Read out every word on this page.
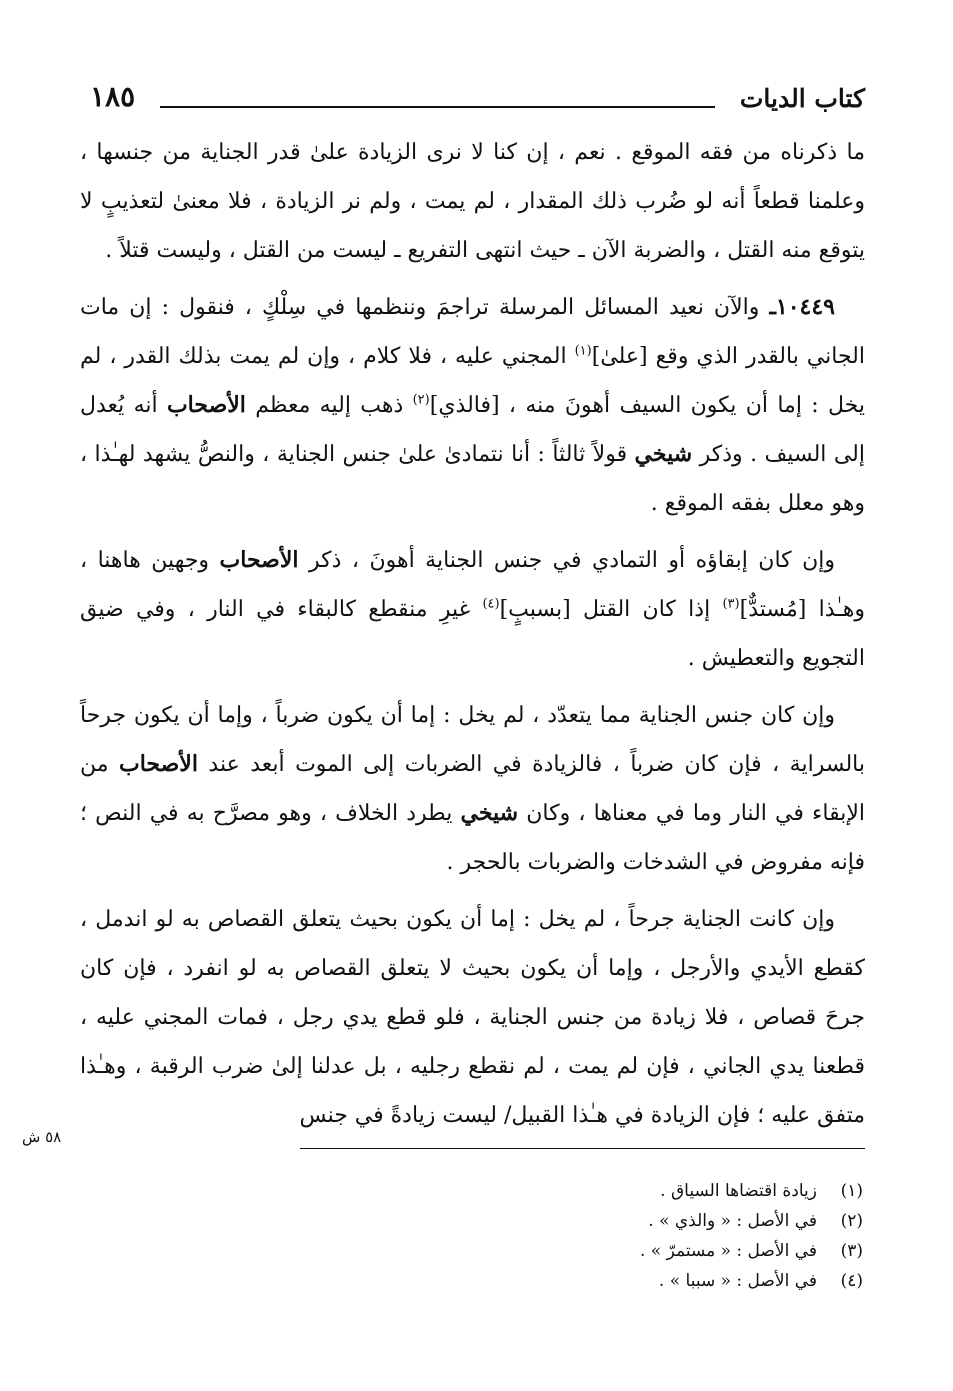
كتاب الديات
١٨٥

ما ذكرناه من فقه الموقع . نعم ، إن كنا لا نرى الزيادة علىٰ قدر الجناية من جنسها ، وعلمنا قطعاً أنه لو ضُرب ذلك المقدار ، لم يمت ، ولم نر الزيادة ، فلا معنىٰ لتعذيبٍ لا يتوقع منه القتل ، والضربة الآن ـ حيث انتهى التفريع ـ ليست من القتل ، وليست قتلاً .

١٠٤٤٩ـ والآن نعيد المسائل المرسلة تراجمَ وننظمها في سِلْكٍ ، فنقول : إن مات الجاني بالقدر الذي وقع [علىٰ]$^{(١)}$ المجني عليه ، فلا كلام ، وإن لم يمت بذلك القدر ، لم يخل : إما أن يكون السيف أهونَ منه ، [فالذي]$^{(٢)}$ ذهب إليه معظم الأصحاب أنه يُعدل إلى السيف . وذكر شيخي قولاً ثالثاً : أنا نتمادىٰ علىٰ جنس الجناية ، والنصُّ يشهد لهـٰذا ، وهو معلل بفقه الموقع .

وإن كان إبقاؤه أو التمادي في جنس الجناية أهونَ ، ذكر الأصحاب وجهين هاهنا ، وهـٰذا [مُستدٌّ]$^{(٣)}$ إذا كان القتل [بسببٍ]$^{(٤)}$ غيرِ منقطع كالبقاء في النار ، وفي ضيق التجويع والتعطيش .

وإن كان جنس الجناية مما يتعدّد ، لم يخل : إما أن يكون ضرباً ، وإما أن يكون جرحاً بالسراية ، فإن كان ضرباً ، فالزيادة في الضربات إلى الموت أبعد عند الأصحاب من الإبقاء في النار وما في معناها ، وكان شيخي يطرد الخلاف ، وهو مصرَّح به في النص ؛ فإنه مفروض في الشدخات والضربات بالحجر .

وإن كانت الجناية جرحاً ، لم يخل : إما أن يكون بحيث يتعلق القصاص به لو اندمل ، كقطع الأيدي والأرجل ، وإما أن يكون بحيث لا يتعلق القصاص به لو انفرد ، فإن كان جرحَ قصاص ، فلا زيادة من جنس الجناية ، فلو قطع يدي رجل ، فمات المجني عليه ، قطعنا يدي الجاني ، فإن لم يمت ، لم نقطع رجليه ، بل عدلنا إلىٰ ضرب الرقبة ، وهـٰذا متفق عليه ؛ فإن الزيادة في هـٰذا القبيل/ ليست زيادةً في جنس

٥٨ ش
(١)زيادة اقتضاها السياق .
(٢)في الأصل : « والذي » .
(٣)في الأصل : « مستمرّ » .
(٤)في الأصل : « سببا » .
